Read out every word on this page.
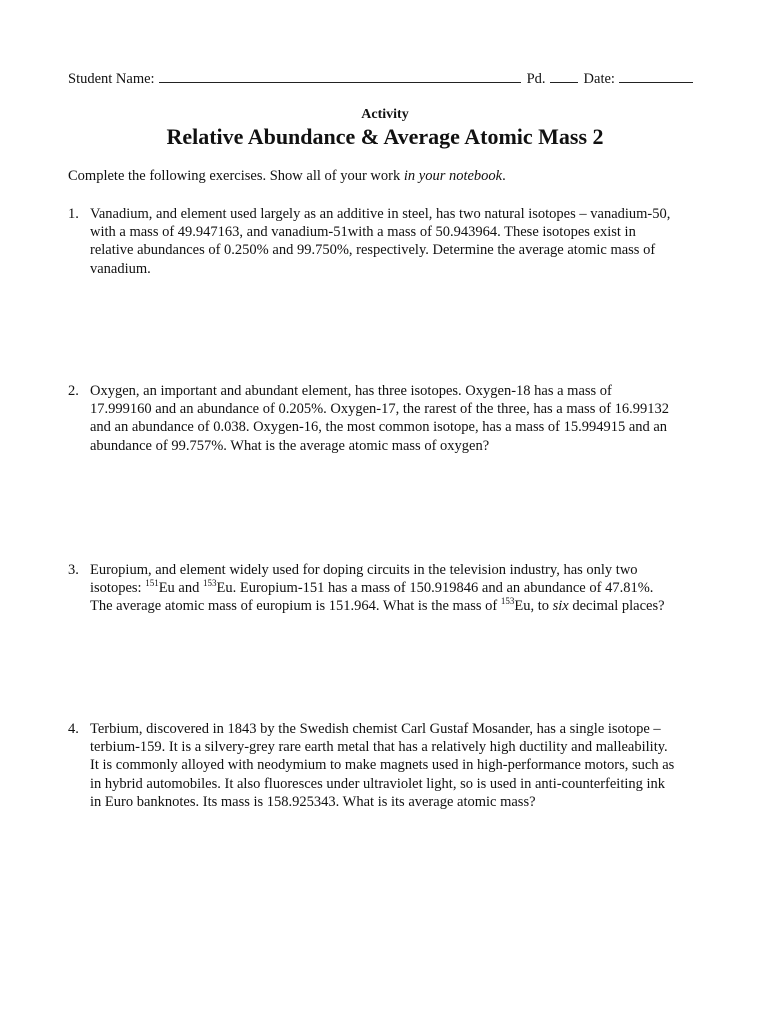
Student Name:	Pd.	Date:
Activity
Relative Abundance & Average Atomic Mass 2
Complete the following exercises. Show all of your work in your notebook.
1. Vanadium, and element used largely as an additive in steel, has two natural isotopes – vanadium-50,
with a mass of 49.947163, and vanadium-51with a mass of 50.943964. These isotopes exist in
relative abundances of 0.250% and 99.750%, respectively. Determine the average atomic mass of
vanadium.
2. Oxygen, an important and abundant element, has three isotopes. Oxygen-18 has a mass of
17.999160 and an abundance of 0.205%. Oxygen-17, the rarest of the three, has a mass of 16.99132
and an abundance of 0.038. Oxygen-16, the most common isotope, has a mass of 15.994915 and an
abundance of 99.757%. What is the average atomic mass of oxygen?
3. Europium, and element widely used for doping circuits in the television industry, has only two
isotopes: $^{151}$Eu and $^{153}$Eu. Europium-151 has a mass of 150.919846 and an abundance of 47.81%.
The average atomic mass of europium is 151.964. What is the mass of $^{153}$Eu, to six decimal places?
4. Terbium, discovered in 1843 by the Swedish chemist Carl Gustaf Mosander, has a single isotope –
terbium-159. It is a silvery-grey rare earth metal that has a relatively high ductility and malleability.
It is commonly alloyed with neodymium to make magnets used in high-performance motors, such as
in hybrid automobiles. It also fluoresces under ultraviolet light, so is used in anti-counterfeiting ink
in Euro banknotes. Its mass is 158.925343. What is its average atomic mass?
